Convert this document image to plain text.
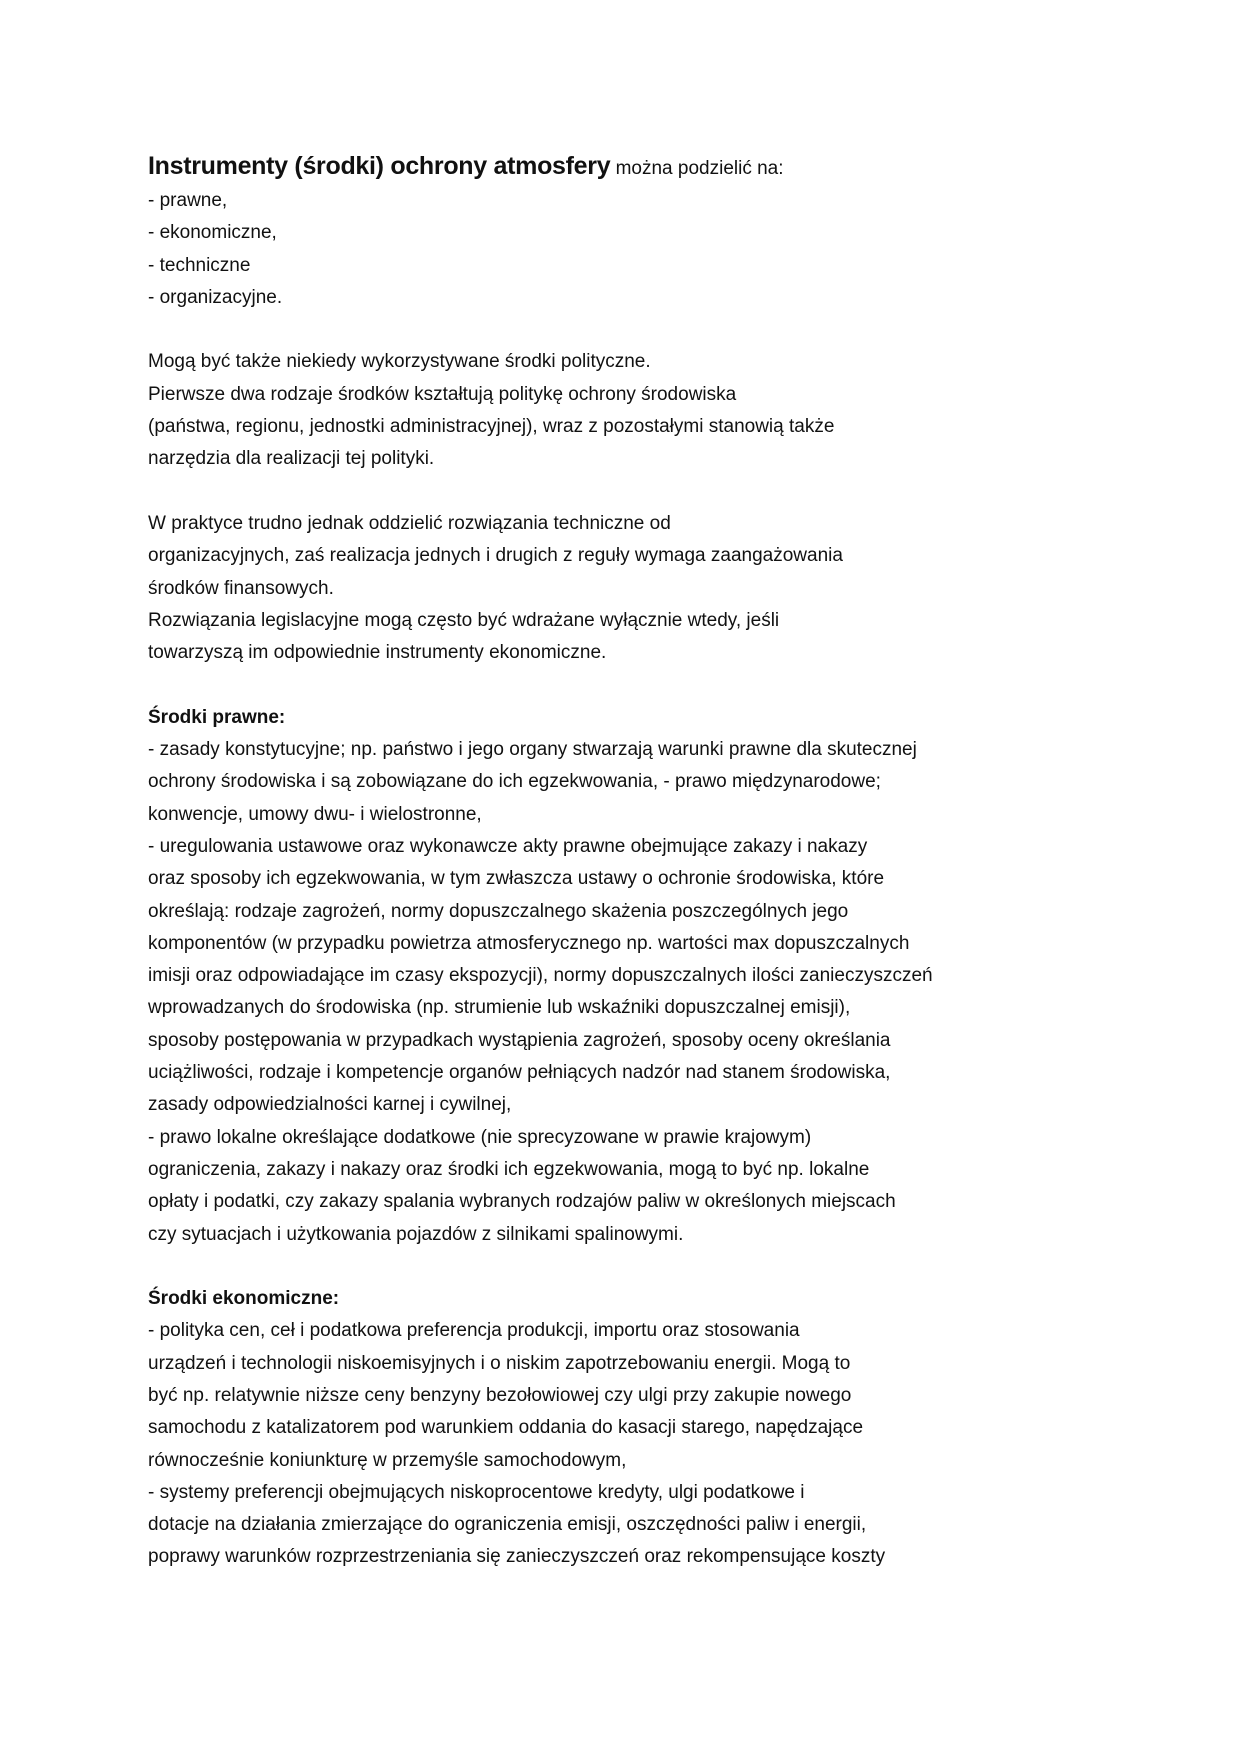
Instrumenty (środki) ochrony atmosfery można podzielić na:

- prawne,
- ekonomiczne,
- techniczne
- organizacyjne.
Mogą być także niekiedy wykorzystywane środki polityczne.
Pierwsze dwa rodzaje środków kształtują politykę ochrony środowiska
(państwa, regionu, jednostki administracyjnej), wraz z pozostałymi stanowią także
narzędzia dla realizacji tej polityki.
W praktyce trudno jednak oddzielić rozwiązania techniczne od
organizacyjnych, zaś realizacja jednych i drugich z reguły wymaga zaangażowania
środków finansowych.
Rozwiązania legislacyjne mogą często być wdrażane wyłącznie wtedy, jeśli
towarzyszą im odpowiednie instrumenty ekonomiczne.
Środki prawne:
- zasady konstytucyjne; np. państwo i jego organy stwarzają warunki prawne dla skutecznej
ochrony środowiska i są zobowiązane do ich egzekwowania, - prawo międzynarodowe;
konwencje, umowy dwu- i wielostronne,
- uregulowania ustawowe oraz wykonawcze akty prawne obejmujące zakazy i nakazy
oraz sposoby ich egzekwowania, w tym zwłaszcza ustawy o ochronie środowiska, które
określają: rodzaje zagrożeń, normy dopuszczalnego skażenia poszczególnych jego
komponentów (w przypadku powietrza atmosferycznego np. wartości max dopuszczalnych
imisji oraz odpowiadające im czasy ekspozycji), normy dopuszczalnych ilości zanieczyszczeń
wprowadzanych do środowiska (np. strumienie lub wskaźniki dopuszczalnej emisji),
sposoby postępowania w przypadkach wystąpienia zagrożeń, sposoby oceny określania
uciążliwości, rodzaje i kompetencje organów pełniących nadzór nad stanem środowiska,
zasady odpowiedzialności karnej i cywilnej,
- prawo lokalne określające dodatkowe (nie sprecyzowane w prawie krajowym)
ograniczenia, zakazy i nakazy oraz środki ich egzekwowania, mogą to być np. lokalne
opłaty i podatki, czy zakazy spalania wybranych rodzajów paliw w określonych miejscach
czy sytuacjach i użytkowania pojazdów z silnikami spalinowymi.
Środki ekonomiczne:
- polityka cen, ceł i podatkowa preferencja produkcji, importu oraz stosowania
urządzeń i technologii niskoemisyjnych i o niskim zapotrzebowaniu energii. Mogą to
być np. relatywnie niższe ceny benzyny bezołowiowej czy ulgi przy zakupie nowego
samochodu z katalizatorem pod warunkiem oddania do kasacji starego, napędzające
równocześnie koniunkturę w przemyśle samochodowym,
- systemy preferencji obejmujących niskoprocentowe kredyty, ulgi podatkowe i
dotacje na działania zmierzające do ograniczenia emisji, oszczędności paliw i energii,
poprawy warunków rozprzestrzeniania się zanieczyszczeń oraz rekompensujące koszty
